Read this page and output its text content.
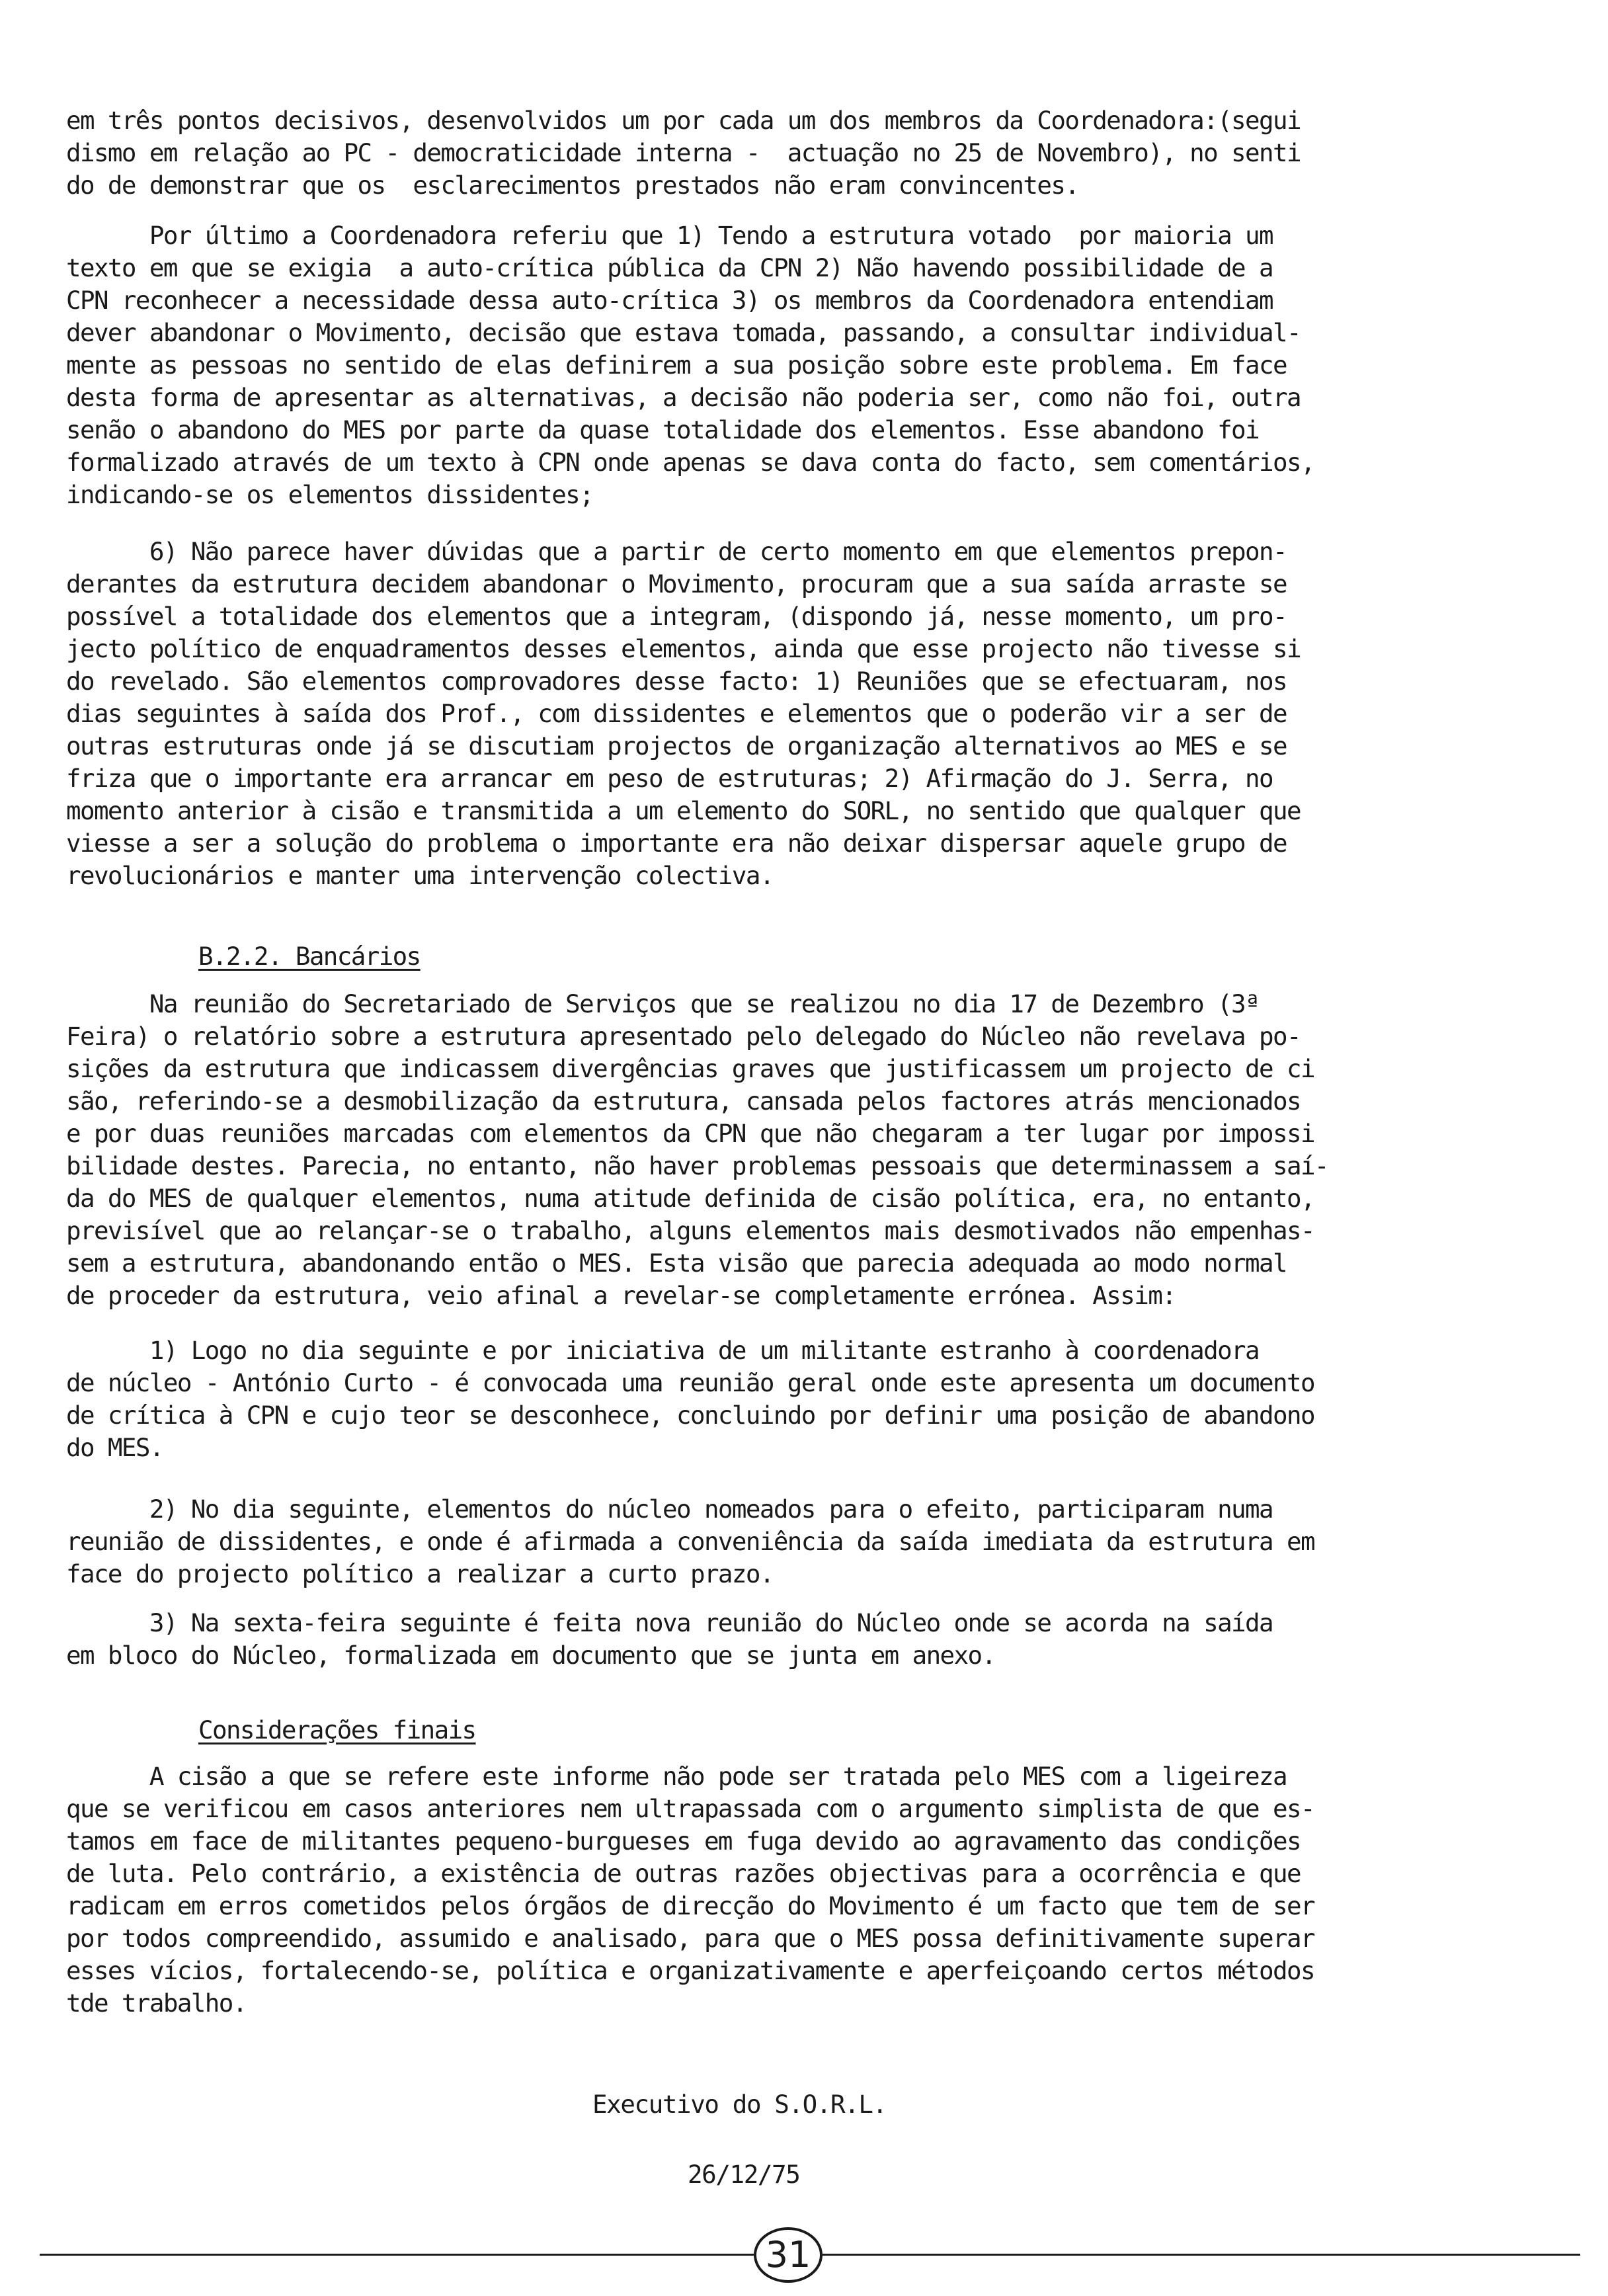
em três pontos decisivos, desenvolvidos um por cada um dos membros da Coordenadora:(segui
dismo em relação ao PC - democraticidade interna -  actuação no 25 de Novembro), no senti
do de demonstrar que os  esclarecimentos prestados não eram convincentes.
Por último a Coordenadora referiu que 1) Tendo a estrutura votado  por maioria um
texto em que se exigia  a auto-crítica pública da CPN 2) Não havendo possibilidade de a
CPN reconhecer a necessidade dessa auto-crítica 3) os membros da Coordenadora entendiam
dever abandonar o Movimento, decisão que estava tomada, passando, a consultar individual-
mente as pessoas no sentido de elas definirem a sua posição sobre este problema. Em face
desta forma de apresentar as alternativas, a decisão não poderia ser, como não foi, outra
senão o abandono do MES por parte da quase totalidade dos elementos. Esse abandono foi
formalizado através de um texto à CPN onde apenas se dava conta do facto, sem comentários,
indicando-se os elementos dissidentes;
6) Não parece haver dúvidas que a partir de certo momento em que elementos prepon-
derantes da estrutura decidem abandonar o Movimento, procuram que a sua saída arraste se
possível a totalidade dos elementos que a integram, (dispondo já, nesse momento, um pro-
jecto político de enquadramentos desses elementos, ainda que esse projecto não tivesse si
do revelado. São elementos comprovadores desse facto: 1) Reuniões que se efectuaram, nos
dias seguintes à saída dos Prof., com dissidentes e elementos que o poderão vir a ser de
outras estruturas onde já se discutiam projectos de organização alternativos ao MES e se
friza que o importante era arrancar em peso de estruturas; 2) Afirmação do J. Serra, no
momento anterior à cisão e transmitida a um elemento do SORL, no sentido que qualquer que
viesse a ser a solução do problema o importante era não deixar dispersar aquele grupo de
revolucionários e manter uma intervenção colectiva.
B.2.2. Bancários
Na reunião do Secretariado de Serviços que se realizou no dia 17 de Dezembro (3ª
Feira) o relatório sobre a estrutura apresentado pelo delegado do Núcleo não revelava po-
sições da estrutura que indicassem divergências graves que justificassem um projecto de ci
são, referindo-se a desmobilização da estrutura, cansada pelos factores atrás mencionados
e por duas reuniões marcadas com elementos da CPN que não chegaram a ter lugar por impossi
bilidade destes. Parecia, no entanto, não haver problemas pessoais que determinassem a saí-
da do MES de qualquer elementos, numa atitude definida de cisão política, era, no entanto,
previsível que ao relançar-se o trabalho, alguns elementos mais desmotivados não empenhas-
sem a estrutura, abandonando então o MES. Esta visão que parecia adequada ao modo normal
de proceder da estrutura, veio afinal a revelar-se completamente errónea. Assim:
1) Logo no dia seguinte e por iniciativa de um militante estranho à coordenadora
de núcleo - António Curto - é convocada uma reunião geral onde este apresenta um documento
de crítica à CPN e cujo teor se desconhece, concluindo por definir uma posição de abandono
do MES.
2) No dia seguinte, elementos do núcleo nomeados para o efeito, participaram numa
reunião de dissidentes, e onde é afirmada a conveniência da saída imediata da estrutura em
face do projecto político a realizar a curto prazo.
3) Na sexta-feira seguinte é feita nova reunião do Núcleo onde se acorda na saída
em bloco do Núcleo, formalizada em documento que se junta em anexo.
Considerações finais
A cisão a que se refere este informe não pode ser tratada pelo MES com a ligeireza
que se verificou em casos anteriores nem ultrapassada com o argumento simplista de que es-
tamos em face de militantes pequeno-burgueses em fuga devido ao agravamento das condições
de luta. Pelo contrário, a existência de outras razões objectivas para a ocorrência e que
radicam em erros cometidos pelos órgãos de direcção do Movimento é um facto que tem de ser
por todos compreendido, assumido e analisado, para que o MES possa definitivamente superar
esses vícios, fortalecendo-se, política e organizativamente e aperfeiçoando certos métodos
tde trabalho.
Executivo do S.O.R.L.
26/12/75
31
